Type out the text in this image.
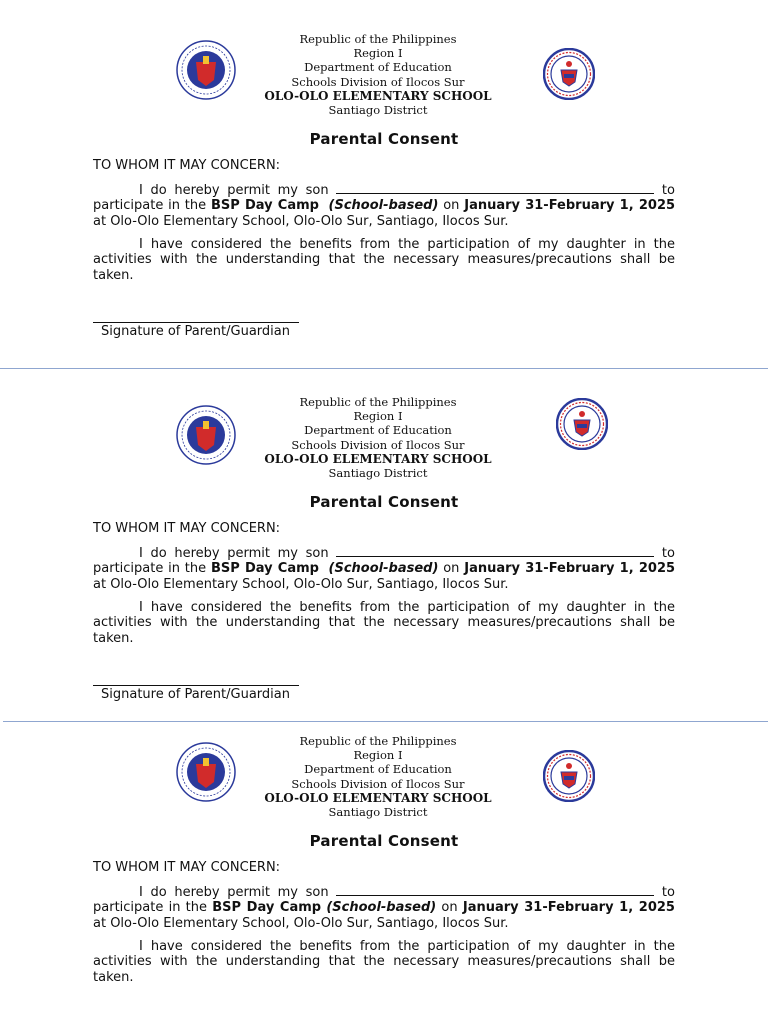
Republic of the Philippines
Region I
Department of Education
Schools Division of Ilocos Sur
OLO-OLO ELEMENTARY SCHOOL
Santiago District
Parental Consent
TO WHOM IT MAY CONCERN:
I do hereby permit my son	to participate in the BSP Day Camp (School-based) on January 31-February 1, 2025 at Olo-Olo Elementary School, Olo-Olo Sur, Santiago, Ilocos Sur.
I have considered the benefits from the participation of my daughter in the activities with the understanding that the necessary measures/precautions shall be taken.
Signature of Parent/Guardian
Republic of the Philippines
Region I
Department of Education
Schools Division of Ilocos Sur
OLO-OLO ELEMENTARY SCHOOL
Santiago District
Parental Consent
TO WHOM IT MAY CONCERN:
I do hereby permit my son	to participate in the BSP Day Camp (School-based) on January 31-February 1, 2025 at Olo-Olo Elementary School, Olo-Olo Sur, Santiago, Ilocos Sur.
I have considered the benefits from the participation of my daughter in the activities with the understanding that the necessary measures/precautions shall be taken.
Signature of Parent/Guardian
Republic of the Philippines
Region I
Department of Education
Schools Division of Ilocos Sur
OLO-OLO ELEMENTARY SCHOOL
Santiago District
Parental Consent
TO WHOM IT MAY CONCERN:
I do hereby permit my son	to participate in the BSP Day Camp (School-based) on January 31-February 1, 2025 at Olo-Olo Elementary School, Olo-Olo Sur, Santiago, Ilocos Sur.
I have considered the benefits from the participation of my daughter in the activities with the understanding that the necessary measures/precautions shall be taken.
